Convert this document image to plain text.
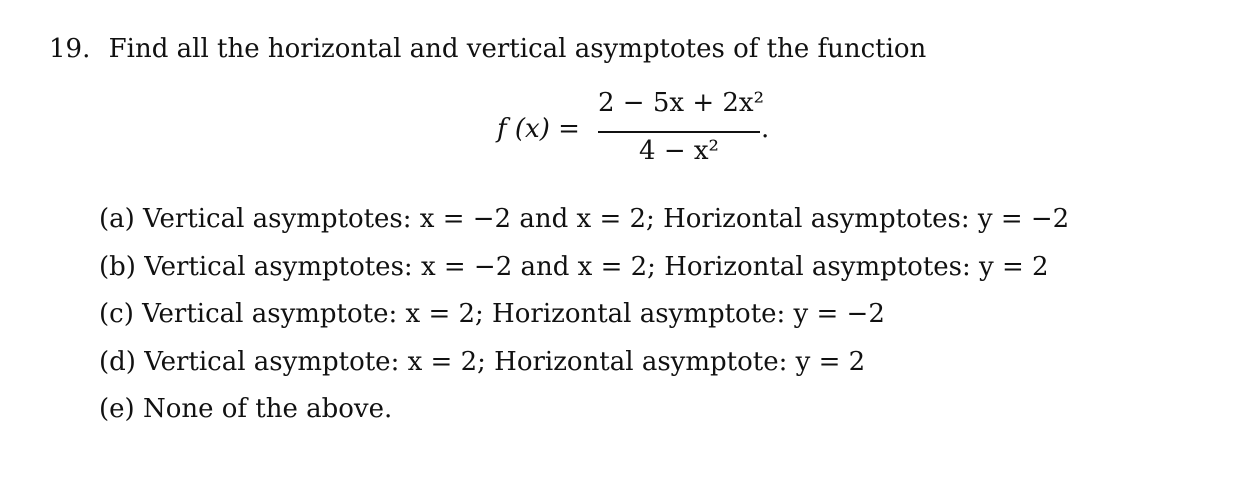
19. Find all the horizontal and vertical asymptotes of the function
f (x) =
2 − 5x + 2x²
4 − x²
.
(a) Vertical asymptotes: x = −2 and x = 2; Horizontal asymptotes: y = −2
(b) Vertical asymptotes: x = −2 and x = 2; Horizontal asymptotes: y = 2
(c) Vertical asymptote: x = 2; Horizontal asymptote: y = −2
(d) Vertical asymptote: x = 2; Horizontal asymptote: y = 2
(e) None of the above.
